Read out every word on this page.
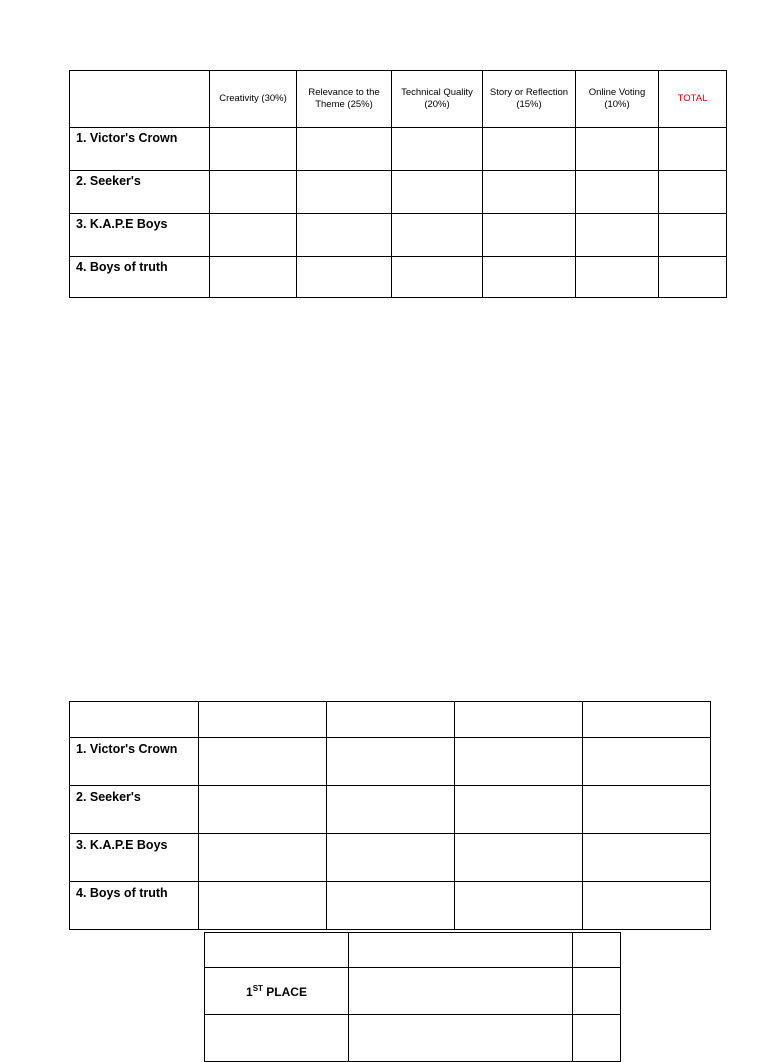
	Creativity (30%)	Relevance to the Theme (25%)	Technical Quality (20%)	Story or Reflection (15%)	Online Voting (10%)	TOTAL
1. Victor's Crown						
2. Seeker's						
3. K.A.P.E Boys						
4. Boys of truth						

1. Victor's Crown				
2. Seeker's				
3. K.A.P.E Boys				
4. Boys of truth				

1ST PLACE		
